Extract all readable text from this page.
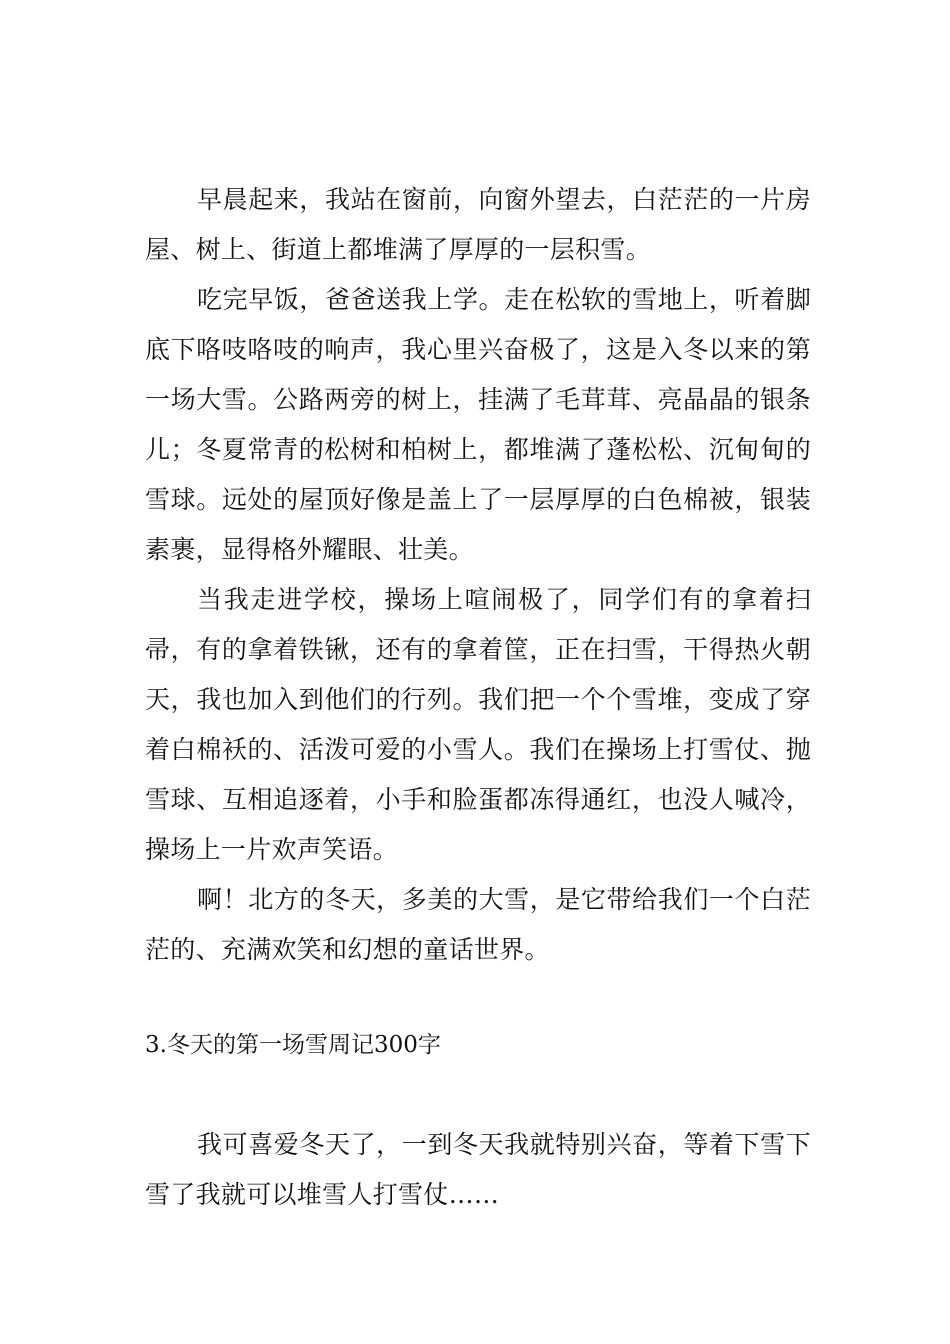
早晨起来，我站在窗前，向窗外望去，白茫茫的一片房屋、树上、街道上都堆满了厚厚的一层积雪。

吃完早饭，爸爸送我上学。走在松软的雪地上，听着脚底下咯吱咯吱的响声，我心里兴奋极了，这是入冬以来的第一场大雪。公路两旁的树上，挂满了毛茸茸、亮晶晶的银条儿；冬夏常青的松树和柏树上，都堆满了蓬松松、沉甸甸的雪球。远处的屋顶好像是盖上了一层厚厚的白色棉被，银装素裹，显得格外耀眼、壮美。

当我走进学校，操场上喧闹极了，同学们有的拿着扫帚，有的拿着铁锹，还有的拿着筐，正在扫雪，干得热火朝天，我也加入到他们的行列。我们把一个个雪堆，变成了穿着白棉袄的、活泼可爱的小雪人。我们在操场上打雪仗、抛雪球、互相追逐着，小手和脸蛋都冻得通红，也没人喊冷，操场上一片欢声笑语。

啊！北方的冬天，多美的大雪，是它带给我们一个白茫茫的、充满欢笑和幻想的童话世界。

3.冬天的第一场雪周记300字

我可喜爱冬天了，一到冬天我就特别兴奋，等着下雪下雪了我就可以堆雪人打雪仗……
